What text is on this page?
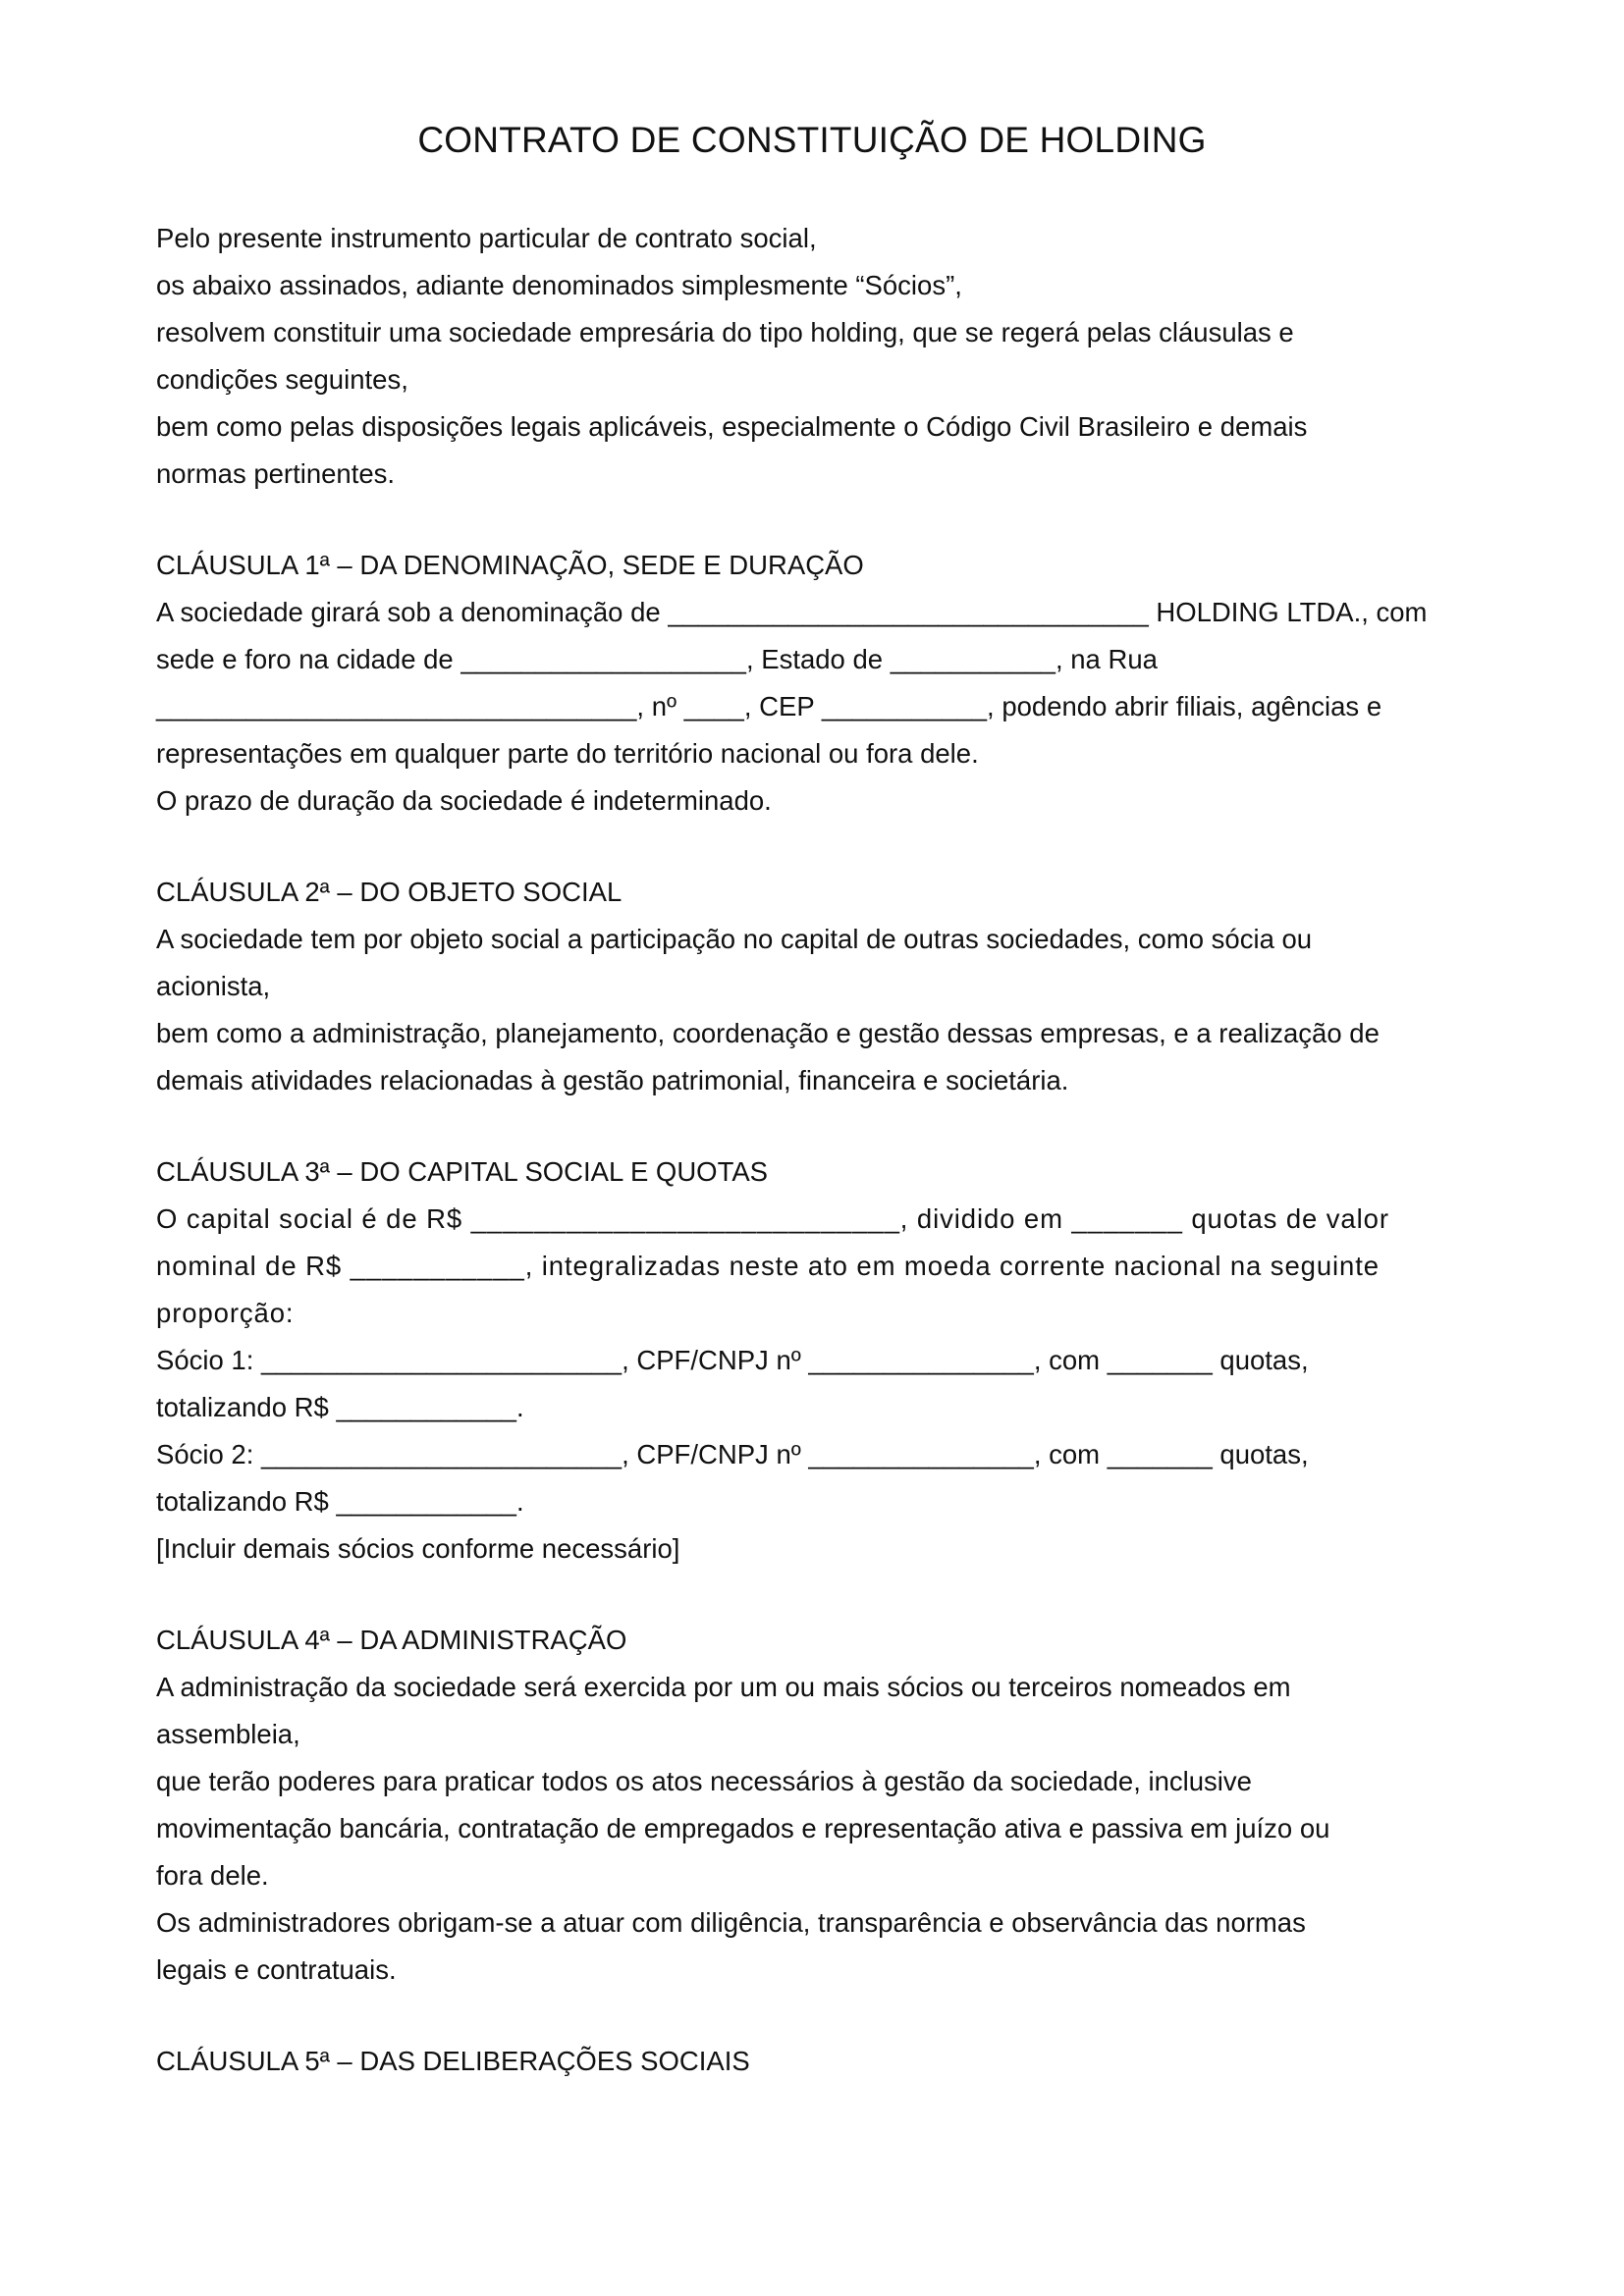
CONTRATO DE CONSTITUIÇÃO DE HOLDING
Pelo presente instrumento particular de contrato social,
os abaixo assinados, adiante denominados simplesmente “Sócios”,
resolvem constituir uma sociedade empresária do tipo holding, que se regerá pelas cláusulas e
condições seguintes,
bem como pelas disposições legais aplicáveis, especialmente o Código Civil Brasileiro e demais
normas pertinentes.
CLÁUSULA 1ª – DA DENOMINAÇÃO, SEDE E DURAÇÃO
A sociedade girará sob a denominação de ________________________________ HOLDING LTDA., com
sede e foro na cidade de ___________________, Estado de ___________, na Rua
________________________________, nº ____, CEP ___________, podendo abrir filiais, agências e
representações em qualquer parte do território nacional ou fora dele.
O prazo de duração da sociedade é indeterminado.
CLÁUSULA 2ª – DO OBJETO SOCIAL
A sociedade tem por objeto social a participação no capital de outras sociedades, como sócia ou
acionista,
bem como a administração, planejamento, coordenação e gestão dessas empresas, e a realização de
demais atividades relacionadas à gestão patrimonial, financeira e societária.
CLÁUSULA 3ª – DO CAPITAL SOCIAL E QUOTAS
O capital social é de R$ ___________________________, dividido em _______ quotas de valor
nominal de R$ ___________, integralizadas neste ato em moeda corrente nacional na seguinte
proporção:
Sócio 1: ________________________, CPF/CNPJ nº _______________, com _______ quotas,
totalizando R$ ____________.
Sócio 2: ________________________, CPF/CNPJ nº _______________, com _______ quotas,
totalizando R$ ____________.
[Incluir demais sócios conforme necessário]
CLÁUSULA 4ª – DA ADMINISTRAÇÃO
A administração da sociedade será exercida por um ou mais sócios ou terceiros nomeados em
assembleia,
que terão poderes para praticar todos os atos necessários à gestão da sociedade, inclusive
movimentação bancária, contratação de empregados e representação ativa e passiva em juízo ou
fora dele.
Os administradores obrigam-se a atuar com diligência, transparência e observância das normas
legais e contratuais.
CLÁUSULA 5ª – DAS DELIBERAÇÕES SOCIAIS
